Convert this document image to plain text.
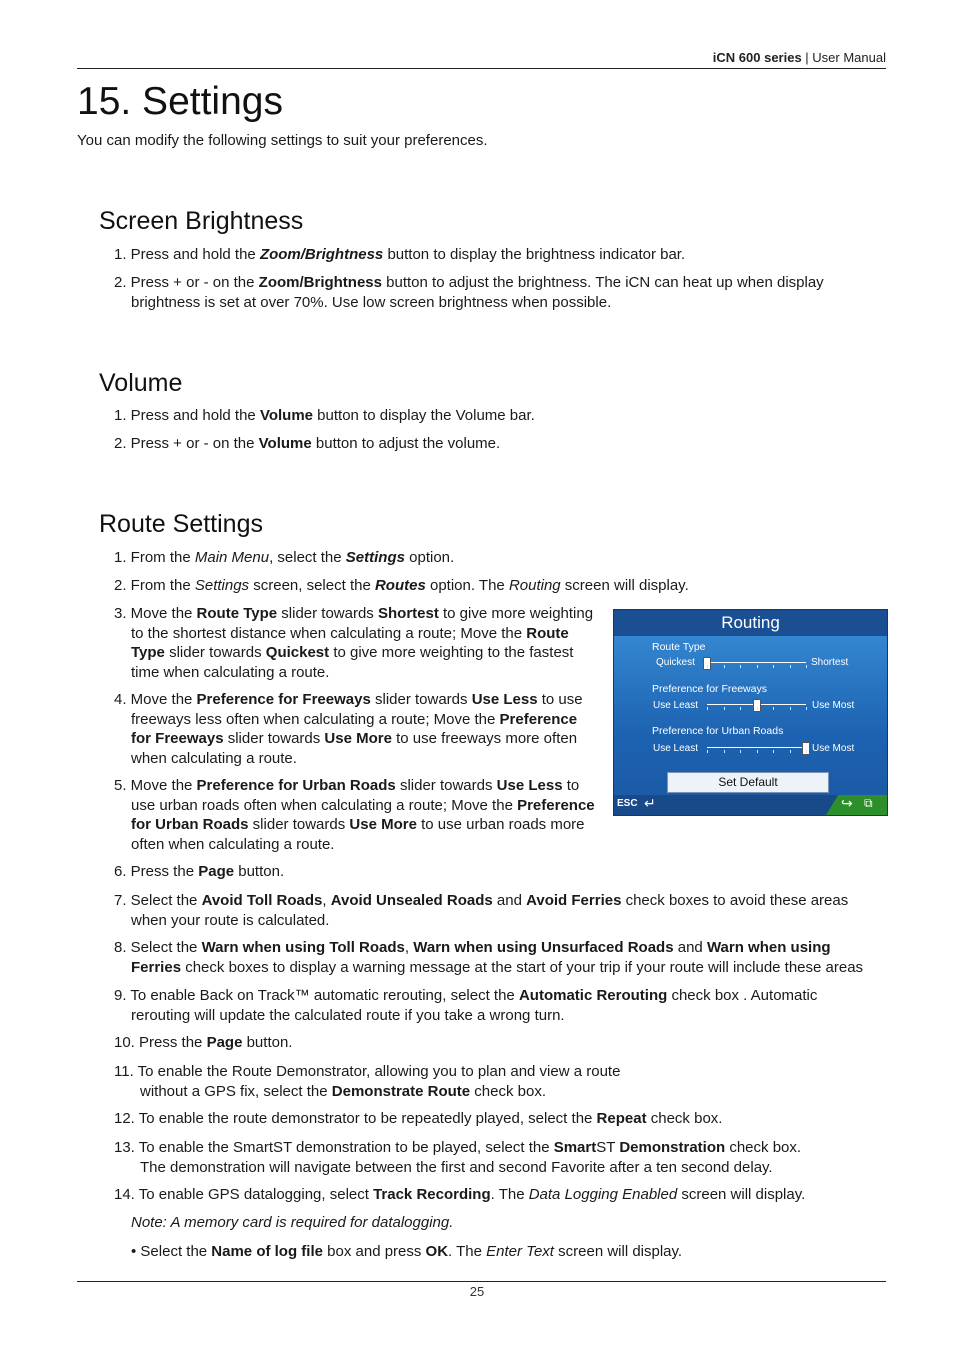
iCN 600 series | User Manual
15. Settings
You can modify the following settings to suit your preferences.
Screen Brightness
1. Press and hold the Zoom/Brightness button to display the brightness indicator bar.
2. Press + or - on the Zoom/Brightness button to adjust the brightness. The iCN can heat up when display
brightness is set at over 70%. Use low screen brightness when possible.
Volume
1. Press and hold the Volume button to display the Volume bar.
2. Press + or - on the Volume button to adjust the volume.
Route Settings
1. From the Main Menu, select the Settings option.
2. From the Settings screen, select the Routes option. The Routing screen will display.
3. Move the Route Type slider towards Shortest to give more weighting
to the shortest distance when calculating a route; Move the Route
Type slider towards Quickest to give more weighting to the fastest
time when calculating a route.
4. Move the Preference for Freeways slider towards Use Less to use
freeways less often when calculating a route; Move the Preference
for Freeways slider towards Use More to use freeways more often
when calculating a route.
5. Move the Preference for Urban Roads slider towards Use Less to
use urban roads often when calculating a route; Move the Preference
for Urban Roads slider towards Use More to use urban roads more
often when calculating a route.
Routing
Route Type
Quickest	Shortest
Preference for Freeways
Use Least	Use Most
Preference for Urban Roads
Use Least	Use Most
Set Default
ESC ↵	↪ ⧉
6. Press the Page button.
7. Select the Avoid Toll Roads, Avoid Unsealed Roads and Avoid Ferries check boxes to avoid these areas
when your route is calculated.
8. Select the Warn when using Toll Roads, Warn when using Unsurfaced Roads and Warn when using
Ferries check boxes to display a warning message at the start of your trip if your route will include these areas
9. To enable Back on Track™ automatic rerouting, select the Automatic Rerouting check box . Automatic
rerouting will update the calculated route if you take a wrong turn.
10. Press the Page button.
11. To enable the Route Demonstrator, allowing you to plan and view a route
without a GPS fix, select the Demonstrate Route check box.
12. To enable the route demonstrator to be repeatedly played, select the Repeat check box.
13. To enable the SmartST demonstration to be played, select the SmartST Demonstration check box.
The demonstration will navigate between the first and second Favorite after a ten second delay.
14. To enable GPS datalogging, select Track Recording. The Data Logging Enabled screen will display.
Note: A memory card is required for datalogging.
• Select the Name of log file box and press OK. The Enter Text screen will display.
25
